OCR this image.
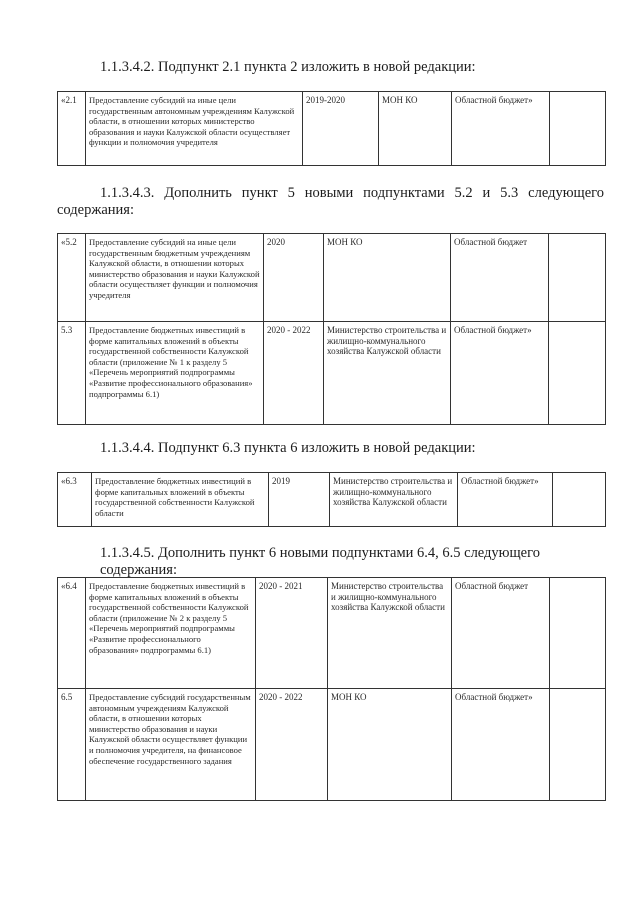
1.1.3.4.2. Подпункт 2.1 пункта 2 изложить в новой редакции:
«2.1	Предоставление субсидий на иные цели государственным автономным учреждениям Калужской области, в отношении которых министерство образования и науки Калужской области осуществляет функции и полномочия учредителя	2019-2020	МОН КО	Областной бюджет»	
1.1.3.4.3. Дополнить пункт 5 новыми подпунктами 5.2 и 5.3 следующего
содержания:
«5.2	Предоставление субсидий на иные цели государственным бюджетным учреждениям Калужской области, в отношении которых министерство образования и науки Калужской области осуществляет функции и полномочия учредителя	2020	МОН КО	Областной бюджет	
5.3	Предоставление бюджетных инвестиций в форме капитальных вложений в объекты государственной собственности Калужской области (приложение № 1 к разделу 5 «Перечень мероприятий подпрограммы «Развитие профессионального образования» подпрограммы 6.1)	2020 - 2022	Министерство строительства и жилищно-коммунального хозяйства Калужской области	Областной бюджет»	
1.1.3.4.4. Подпункт 6.3 пункта 6 изложить в новой редакции:
«6.3	Предоставление бюджетных инвестиций в форме капитальных вложений в объекты государственной собственности Калужской области	2019	Министерство строительства и жилищно-коммунального хозяйства Калужской области	Областной бюджет»	
1.1.3.4.5. Дополнить пункт 6 новыми подпунктами 6.4, 6.5 следующего содержания:
«6.4	Предоставление бюджетных инвестиций в форме капитальных вложений в объекты государственной собственности Калужской области (приложение № 2 к разделу 5 «Перечень мероприятий подпрограммы «Развитие профессионального образования» подпрограммы 6.1)	2020 - 2021	Министерство строительства и жилищно-коммунального хозяйства Калужской области	Областной бюджет	
6.5	Предоставление субсидий государственным автономным учреждениям Калужской области, в отношении которых министерство образования и науки Калужской области осуществляет функции и полномочия учредителя, на финансовое обеспечение государственного задания	2020 - 2022	МОН КО	Областной бюджет»	
